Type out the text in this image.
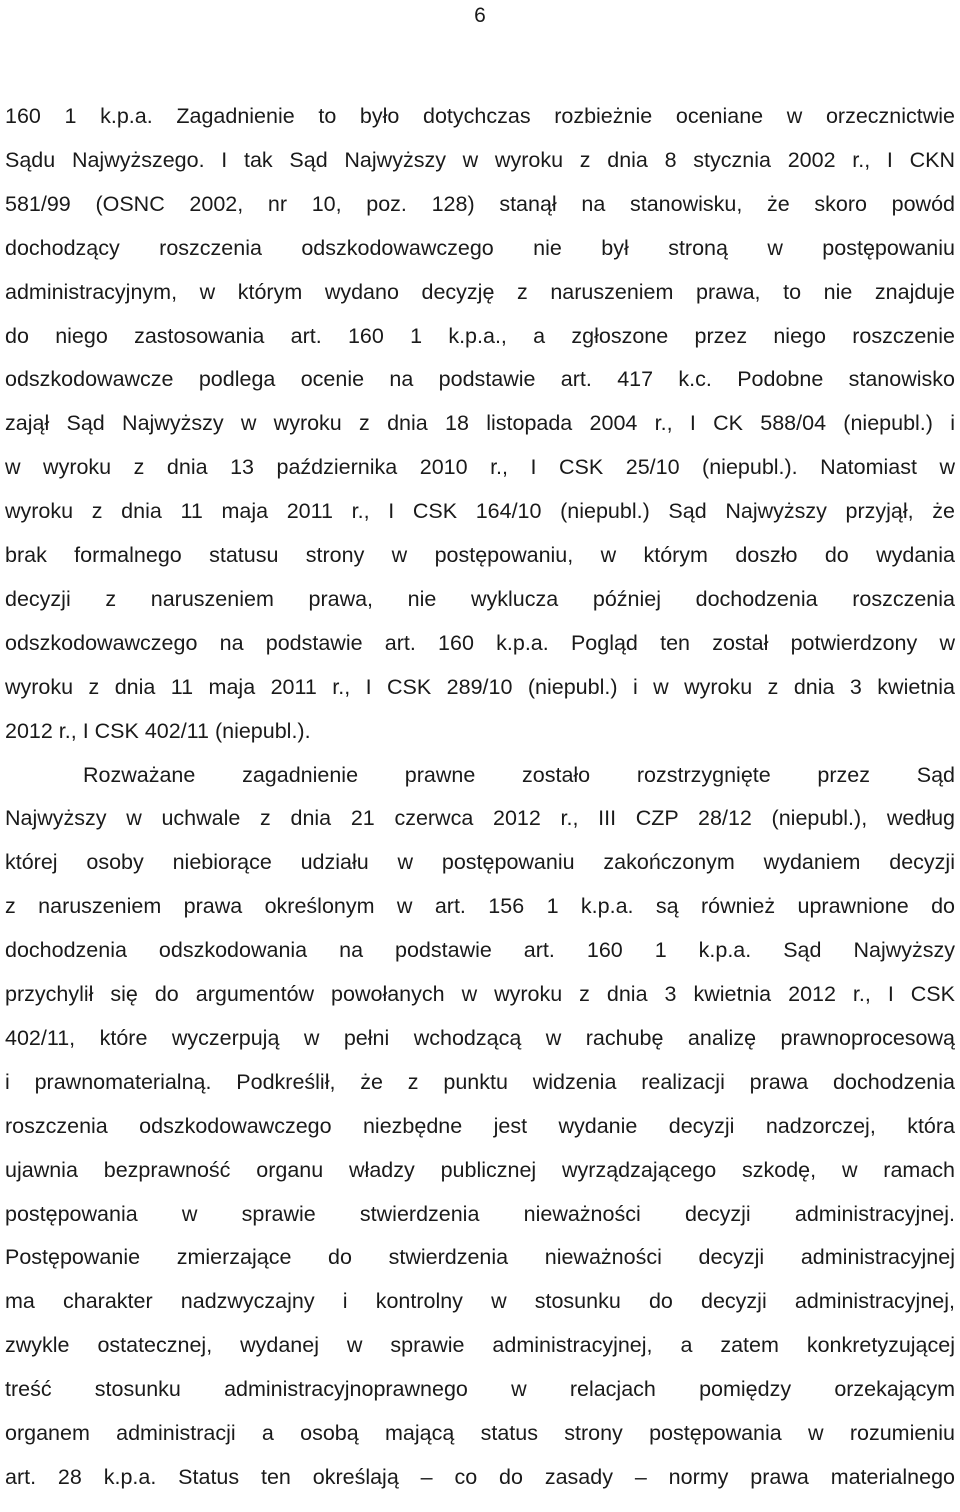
6
160 1 k.p.a. Zagadnienie to było dotychczas rozbieżnie oceniane w orzecznictwie
Sądu Najwyższego. I tak Sąd Najwyższy w wyroku z dnia 8 stycznia 2002 r., I CKN
581/99 (OSNC 2002, nr 10, poz. 128) stanął na stanowisku, że skoro powód
dochodzący roszczenia odszkodowawczego nie był stroną w postępowaniu
administracyjnym, w którym wydano decyzję z naruszeniem prawa, to nie znajduje
do niego zastosowania art. 160 1 k.p.a., a zgłoszone przez niego roszczenie
odszkodowawcze podlega ocenie na podstawie art. 417 k.c. Podobne stanowisko
zajął Sąd Najwyższy w wyroku z dnia 18 listopada 2004 r., I CK 588/04 (niepubl.) i
w wyroku z dnia 13 października 2010 r., I CSK 25/10 (niepubl.). Natomiast w
wyroku z dnia 11 maja 2011 r., I CSK 164/10 (niepubl.) Sąd Najwyższy przyjął, że
brak formalnego statusu strony w postępowaniu, w którym doszło do wydania
decyzji z naruszeniem prawa, nie wyklucza później dochodzenia roszczenia
odszkodowawczego na podstawie art. 160 k.p.a. Pogląd ten został potwierdzony w
wyroku z dnia 11 maja 2011 r., I CSK 289/10 (niepubl.) i w wyroku z dnia 3 kwietnia
2012 r., I CSK 402/11 (niepubl.).
Rozważane zagadnienie prawne zostało rozstrzygnięte przez Sąd
Najwyższy w uchwale z dnia 21 czerwca 2012 r., III CZP 28/12 (niepubl.), według
której osoby niebiorące udziału w postępowaniu zakończonym wydaniem decyzji
z naruszeniem prawa określonym w art. 156 1 k.p.a. są również uprawnione do
dochodzenia odszkodowania na podstawie art. 160 1 k.p.a. Sąd Najwyższy
przychylił się do argumentów powołanych w wyroku z dnia 3 kwietnia 2012 r., I CSK
402/11, które wyczerpują w pełni wchodzącą w rachubę analizę prawnoprocesową
i prawnomaterialną. Podkreślił, że z punktu widzenia realizacji prawa dochodzenia
roszczenia odszkodowawczego niezbędne jest wydanie decyzji nadzorczej, która
ujawnia bezprawność organu władzy publicznej wyrządzającego szkodę, w ramach
postępowania w sprawie stwierdzenia nieważności decyzji administracyjnej.
Postępowanie zmierzające do stwierdzenia nieważności decyzji administracyjnej
ma charakter nadzwyczajny i kontrolny w stosunku do decyzji administracyjnej,
zwykle ostatecznej, wydanej w sprawie administracyjnej, a zatem konkretyzującej
treść stosunku administracyjnoprawnego w relacjach pomiędzy orzekającym
organem administracji a osobą mającą status strony postępowania w rozumieniu
art. 28 k.p.a. Status ten określają – co do zasady – normy prawa materialnego
